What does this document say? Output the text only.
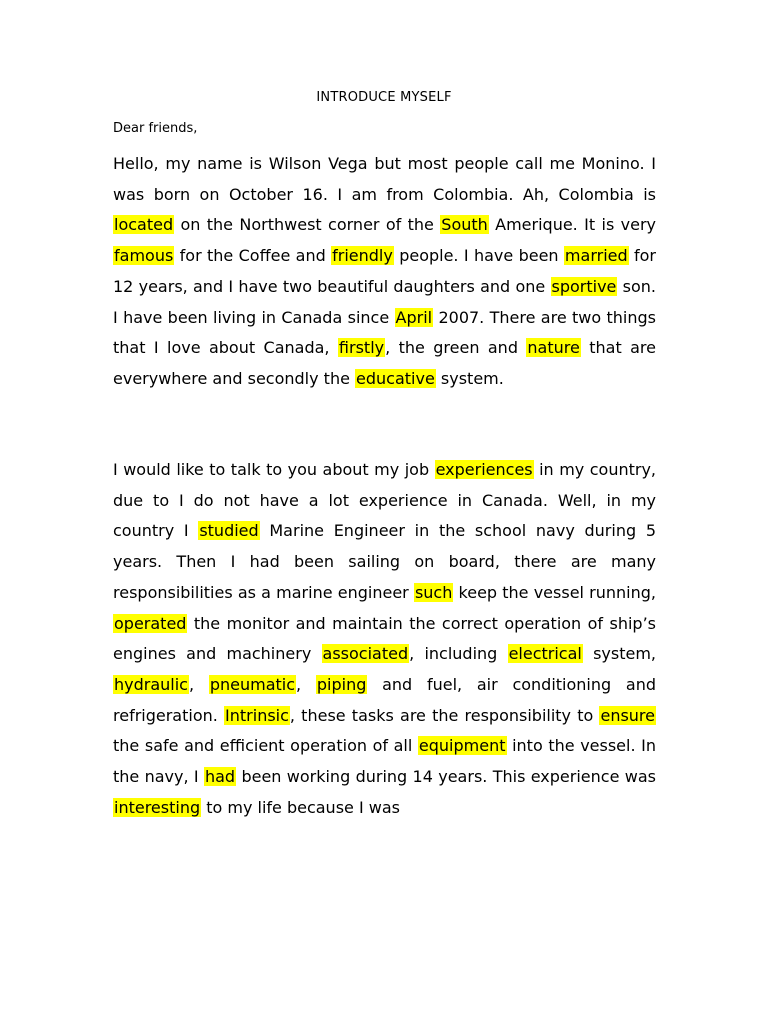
INTRODUCE MYSELF
Dear friends,
Hello, my name is Wilson Vega but most people call me Monino. I was born on October 16. I am from Colombia. Ah, Colombia is located on the Northwest corner of the South Amerique. It is very famous for the Coffee and friendly people. I have been married for 12 years, and I have two beautiful daughters and one sportive son. I have been living in Canada since April 2007. There are two things that I love about Canada, firstly, the green and nature that are everywhere and secondly the educative system.
I would like to talk to you about my job experiences in my country, due to I do not have a lot experience in Canada. Well, in my country I studied Marine Engineer in the school navy during 5 years. Then I had been sailing on board, there are many responsibilities as a marine engineer such keep the vessel running, operated the monitor and maintain the correct operation of ship’s engines and machinery associated, including electrical system, hydraulic, pneumatic, piping and fuel, air conditioning and refrigeration. Intrinsic, these tasks are the responsibility to ensure the safe and efficient operation of all equipment into the vessel. In the navy, I had been working during 14 years. This experience was interesting to my life because I was
